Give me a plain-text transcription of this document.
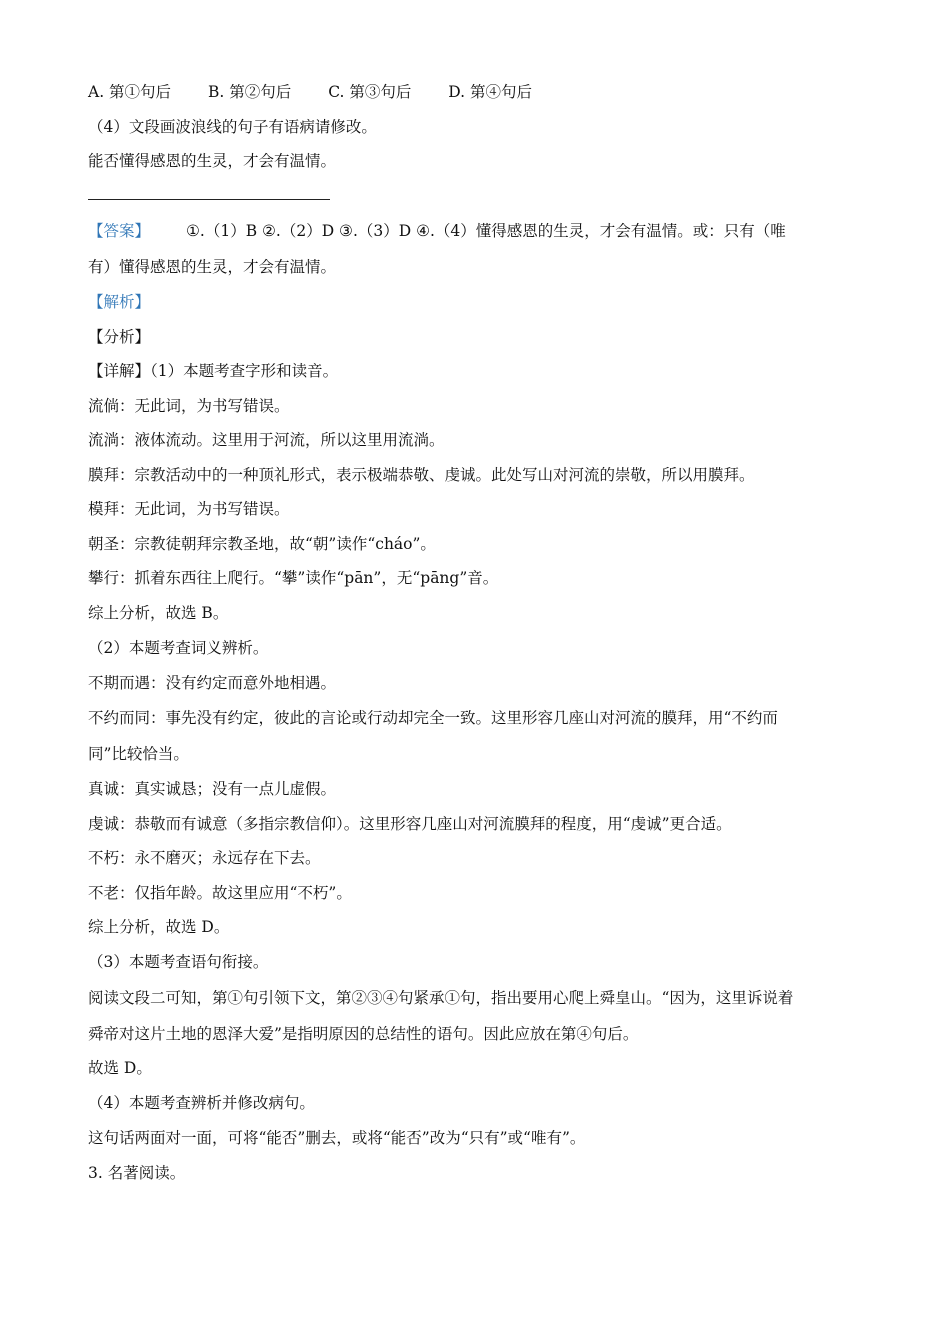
A. 第①句后 B. 第②句后 C. 第③句后 D. 第④句后
（4）文段画波浪线的句子有语病请修改。
能否懂得感恩的生灵，才会有温情。
【答案】 ①.（1）B ②.（2）D ③.（3）D ④.（4）懂得感恩的生灵，才会有温情。或：只有（唯
有）懂得感恩的生灵，才会有温情。
【解析】
【分析】
【详解】（1）本题考查字形和读音。
流倘：无此词，为书写错误。
流淌：液体流动。这里用于河流，所以这里用流淌。
膜拜：宗教活动中的一种顶礼形式，表示极端恭敬、虔诚。此处写山对河流的崇敬，所以用膜拜。
模拜：无此词，为书写错误。
朝圣：宗教徒朝拜宗教圣地，故“朝”读作“cháo”。
攀行：抓着东西往上爬行。“攀”读作“pān”，无“pāng”音。
综上分析，故选 B。
（2）本题考查词义辨析。
不期而遇：没有约定而意外地相遇。
不约而同：事先没有约定，彼此的言论或行动却完全一致。这里形容几座山对河流的膜拜，用“不约而
同”比较恰当。
真诚：真实诚恳；没有一点儿虚假。
虔诚：恭敬而有诚意（多指宗教信仰）。这里形容几座山对河流膜拜的程度，用“虔诚”更合适。
不朽：永不磨灭；永远存在下去。
不老：仅指年龄。故这里应用“不朽”。
综上分析，故选 D。
（3）本题考查语句衔接。
阅读文段二可知，第①句引领下文，第②③④句紧承①句，指出要用心爬上舜皇山。“因为，这里诉说着
舜帝对这片土地的恩泽大爱”是指明原因的总结性的语句。因此应放在第④句后。
故选 D。
（4）本题考查辨析并修改病句。
这句话两面对一面，可将“能否”删去，或将“能否”改为“只有”或“唯有”。
3. 名著阅读。
